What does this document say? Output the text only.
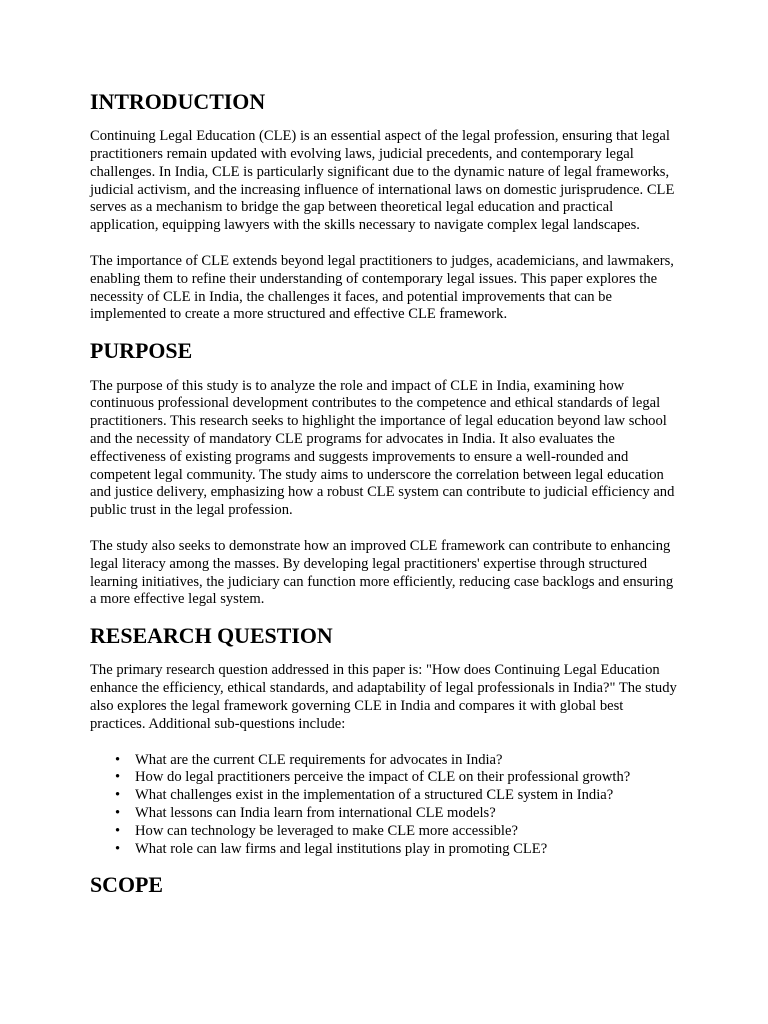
INTRODUCTION

Continuing Legal Education (CLE) is an essential aspect of the legal profession, ensuring that legal practitioners remain updated with evolving laws, judicial precedents, and contemporary legal challenges. In India, CLE is particularly significant due to the dynamic nature of legal frameworks, judicial activism, and the increasing influence of international laws on domestic jurisprudence. CLE serves as a mechanism to bridge the gap between theoretical legal education and practical application, equipping lawyers with the skills necessary to navigate complex legal landscapes.

The importance of CLE extends beyond legal practitioners to judges, academicians, and lawmakers, enabling them to refine their understanding of contemporary legal issues. This paper explores the necessity of CLE in India, the challenges it faces, and potential improvements that can be implemented to create a more structured and effective CLE framework.

PURPOSE

The purpose of this study is to analyze the role and impact of CLE in India, examining how continuous professional development contributes to the competence and ethical standards of legal practitioners. This research seeks to highlight the importance of legal education beyond law school and the necessity of mandatory CLE programs for advocates in India. It also evaluates the effectiveness of existing programs and suggests improvements to ensure a well-rounded and competent legal community. The study aims to underscore the correlation between legal education and justice delivery, emphasizing how a robust CLE system can contribute to judicial efficiency and public trust in the legal profession.

The study also seeks to demonstrate how an improved CLE framework can contribute to enhancing legal literacy among the masses. By developing legal practitioners' expertise through structured learning initiatives, the judiciary can function more efficiently, reducing case backlogs and ensuring a more effective legal system.

RESEARCH QUESTION

The primary research question addressed in this paper is: "How does Continuing Legal Education enhance the efficiency, ethical standards, and adaptability of legal professionals in India?" The study also explores the legal framework governing CLE in India and compares it with global best practices. Additional sub-questions include:

• What are the current CLE requirements for advocates in India?
• How do legal practitioners perceive the impact of CLE on their professional growth?
• What challenges exist in the implementation of a structured CLE system in India?
• What lessons can India learn from international CLE models?
• How can technology be leveraged to make CLE more accessible?
• What role can law firms and legal institutions play in promoting CLE?
SCOPE
